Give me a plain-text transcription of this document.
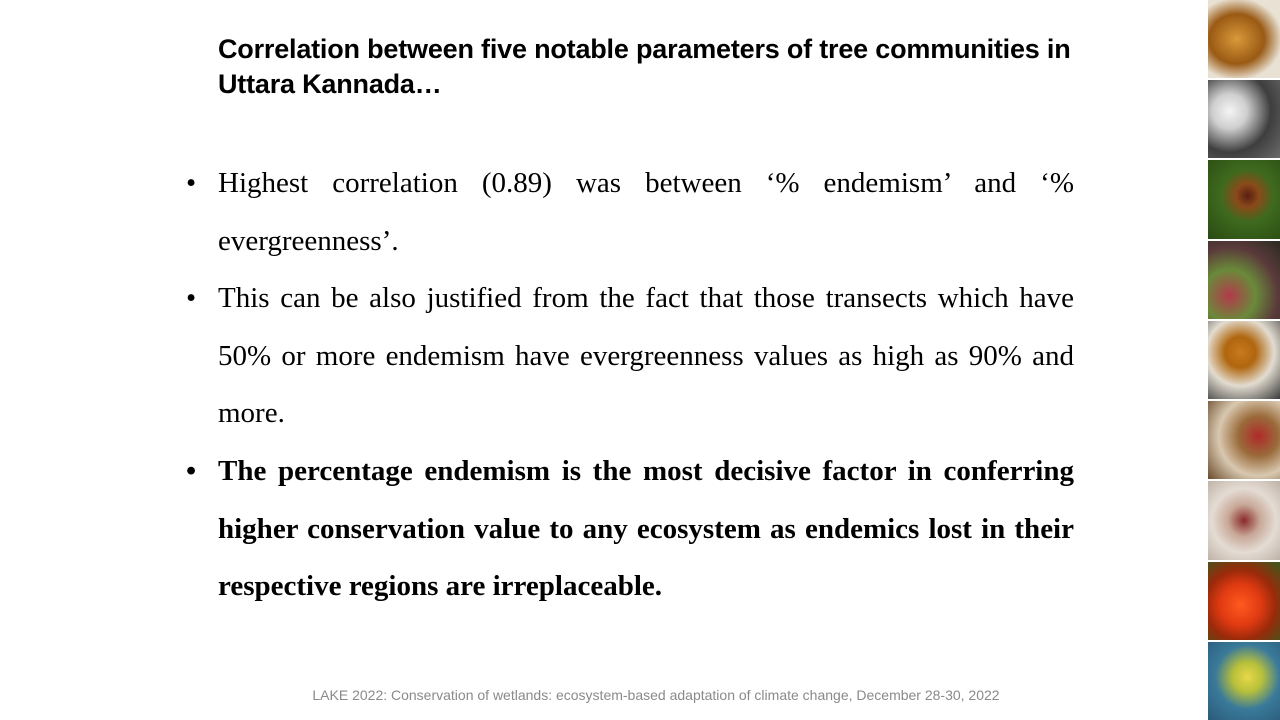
Correlation between five notable parameters of tree communities in Uttara Kannada…
• Highest correlation (0.89) was between ‘% endemism’ and ‘% evergreenness’.
• This can be also justified from the fact that those transects which have 50% or more endemism have evergreenness values as high as 90% and more.
• The percentage endemism is the most decisive factor in conferring higher conservation value to any ecosystem as endemics lost in their respective regions are irreplaceable.
LAKE 2022: Conservation of wetlands: ecosystem-based adaptation of climate change, December 28-30, 2022
